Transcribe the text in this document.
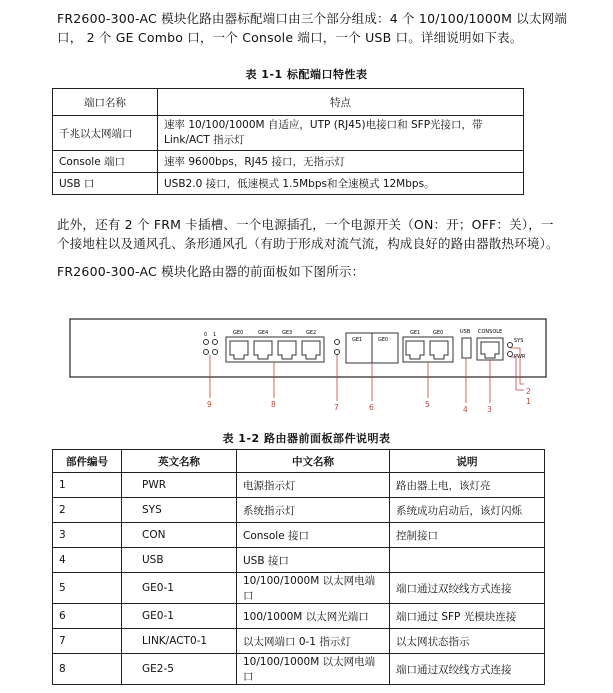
FR2600-300-AC 模块化路由器标配端口由三个部分组成：4 个 10/100/1000M 以太网端
口， 2 个 GE Combo 口，一个 Console 端口，一个 USB 口。详细说明如下表。
表 1-1 标配端口特性表
端口名称	特点
千兆以太网端口	速率 10/100/1000M 自适应，UTP (RJ45)电接口和 SFP光接口，带
Link/ACT 指示灯

Console 端口	速率 9600bps，RJ45 接口，无指示灯
USB 口	USB2.0 接口，低速模式 1.5Mbps和全速模式 12Mbps。
此外，还有 2 个 FRM 卡插槽、一个电源插孔，一个电源开关（ON：开；OFF：关），一
个接地柱以及通风孔、条形通风孔（有助于形成对流气流，构成良好的路由器散热环境）。
FR2600-300-AC 模块化路由器的前面板如下图所示：
0 1	GE0	GE4	GE3	GE2
GE1	GE0
GE1	GE0	USB CONSOLE
SYS
PWR
9	8	7	6	5
4	3
2
1
表 1-2 路由器前面板部件说明表
部件编号	英文名称	中文名称	说明
1	PWR	电源指示灯	路由器上电，该灯亮
2	SYS	系统指示灯	系统成功启动后，该灯闪烁
3	CON	Console 接口	控制接口
4	USB	USB 接口	
5	GE0-1	10/100/1000M 以太网电端口	端口通过双绞线方式连接
6	GE0-1	100/1000M 以太网光端口	端口通过 SFP 光模块连接
7	LINK/ACT0-1	以太网端口 0-1 指示灯	以太网状态指示
8	GE2-5	10/100/1000M 以太网电端口	端口通过双绞线方式连接
